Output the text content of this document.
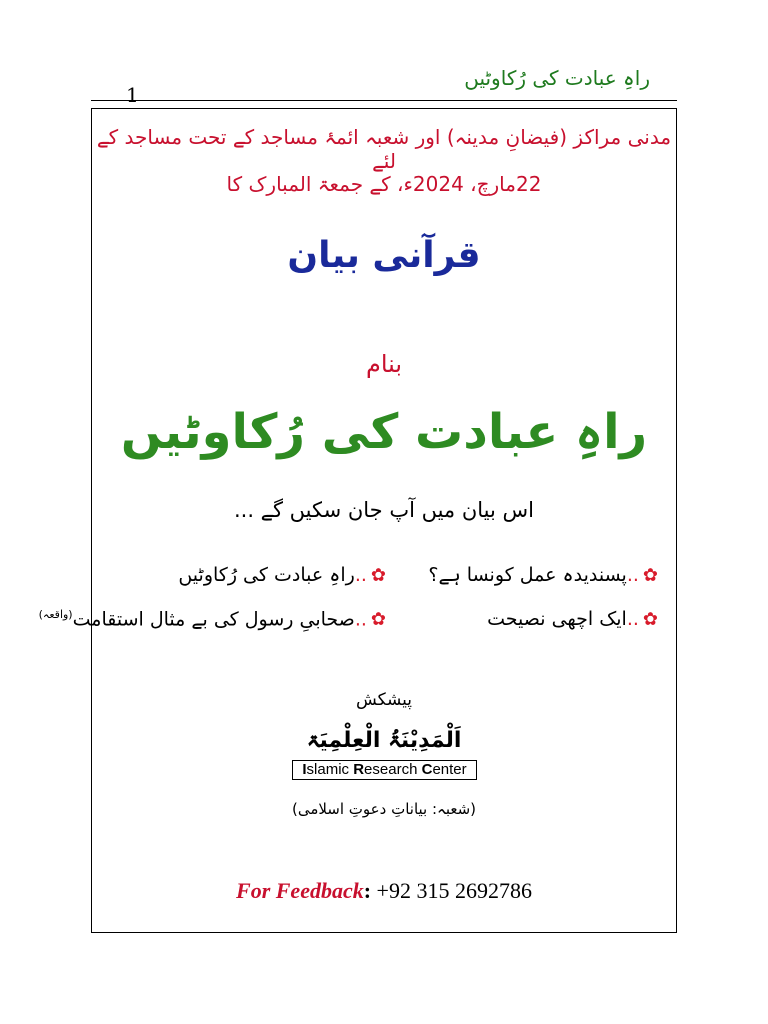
راہِ عبادت کی رُکاوٹیں
1
مدنی مراکز (فیضانِ مدینہ) اور شعبہ ائمۂ مساجد کے تحت مساجد کے لئے
22مارچ، 2024ء، کے جمعۃ المبارک کا
قرآنی بیان
بنام
راہِ عبادت کی رُکاوٹیں
اس بیان میں آپ جان سکیں گے ...
✿..پسندیدہ عمل کونسا ہے؟
✿..راہِ عبادت کی رُکاوٹیں
✿..ایک اچھی نصیحت
✿..صحابیِ رسول کی بے مثال استقامت$^{(واقعہ)}$
پیشکش
اَلْمَدِیْنَۃُ الْعِلْمِیَۃ
Islamic Research Center
(شعبہ: بیاناتِ دعوتِ اسلامی)
For Feedback: +92 315 2692786
